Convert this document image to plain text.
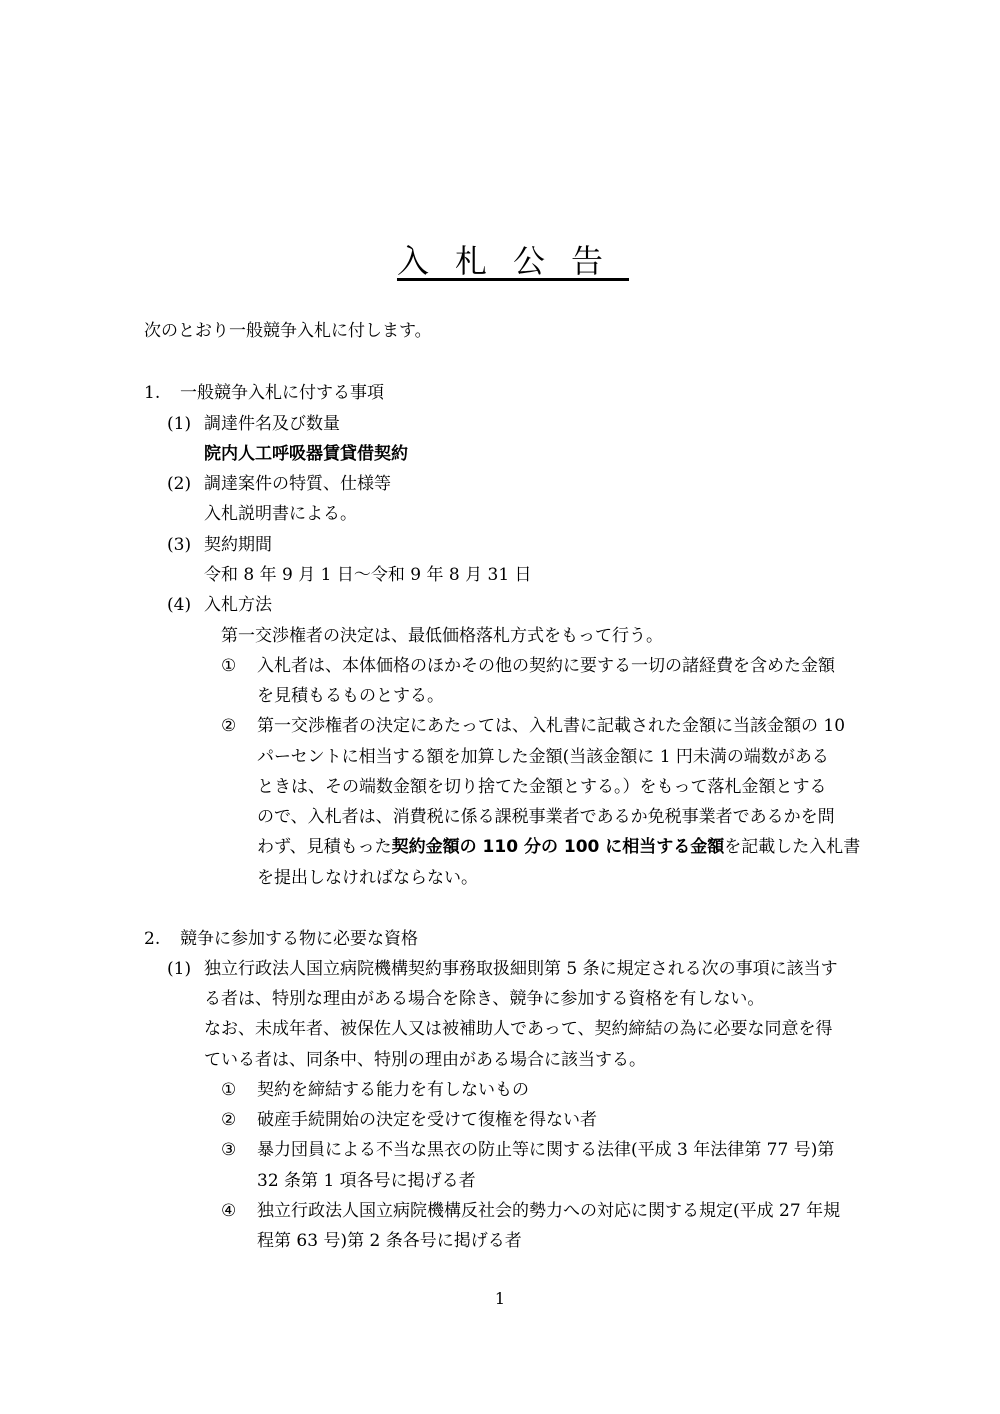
入札公告
次のとおり一般競争入札に付します。
1. 一般競争入札に付する事項
(1) 調達件名及び数量
院内人工呼吸器賃貸借契約
(2) 調達案件の特質、仕様等
入札説明書による。
(3) 契約期間
令和 8 年 9 月 1 日～令和 9 年 8 月 31 日
(4) 入札方法
第一交渉権者の決定は、最低価格落札方式をもって行う。
① 入札者は、本体価格のほかその他の契約に要する一切の諸経費を含めた金額
を見積もるものとする。
② 第一交渉権者の決定にあたっては、入札書に記載された金額に当該金額の 10
パーセントに相当する額を加算した金額(当該金額に 1 円未満の端数がある
ときは、その端数金額を切り捨てた金額とする。）をもって落札金額とする
ので、入札者は、消費税に係る課税事業者であるか免税事業者であるかを問
わず、見積もった契約金額の 110 分の 100 に相当する金額を記載した入札書
を提出しなければならない。
2. 競争に参加する物に必要な資格
(1) 独立行政法人国立病院機構契約事務取扱細則第 5 条に規定される次の事項に該当す
る者は、特別な理由がある場合を除き、競争に参加する資格を有しない。
なお、未成年者、被保佐人又は被補助人であって、契約締結の為に必要な同意を得
ている者は、同条中、特別の理由がある場合に該当する。
① 契約を締結する能力を有しないもの
② 破産手続開始の決定を受けて復権を得ない者
③ 暴力団員による不当な黒衣の防止等に関する法律(平成 3 年法律第 77 号)第
32 条第 1 項各号に掲げる者
④ 独立行政法人国立病院機構反社会的勢力への対応に関する規定(平成 27 年規
程第 63 号)第 2 条各号に掲げる者
1
